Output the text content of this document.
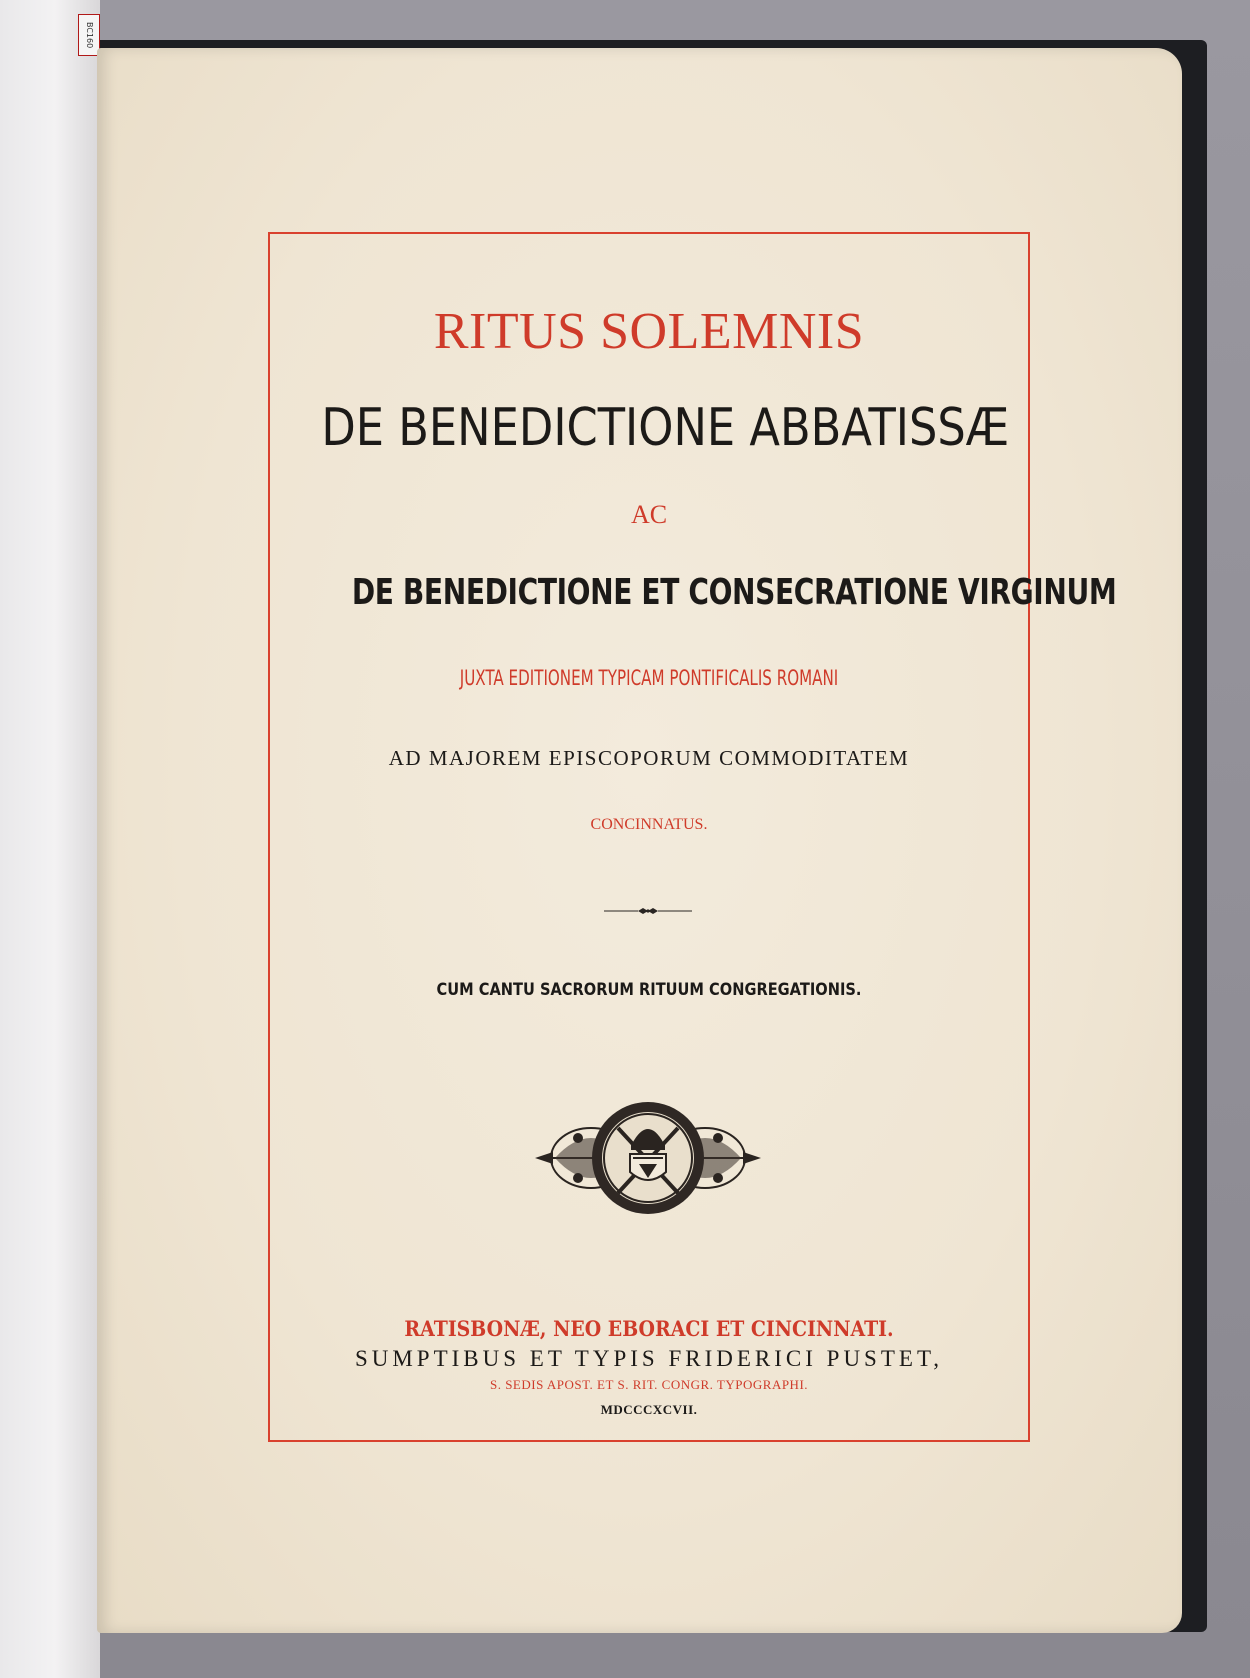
BC160
RITUS SOLEMNIS
DE BENEDICTIONE ABBATISSÆ
AC
DE BENEDICTIONE ET CONSECRATIONE VIRGINUM
JUXTA EDITIONEM TYPICAM PONTIFICALIS ROMANI
AD MAJOREM EPISCOPORUM COMMODITATEM
CONCINNATUS.
CUM CANTU SACRORUM RITUUM CONGREGATIONIS.
RATISBONÆ, NEO EBORACI ET CINCINNATI.
SUMPTIBUS ET TYPIS FRIDERICI PUSTET,
S. SEDIS APOST. ET S. RIT. CONGR. TYPOGRAPHI.
MDCCCXCVII.
